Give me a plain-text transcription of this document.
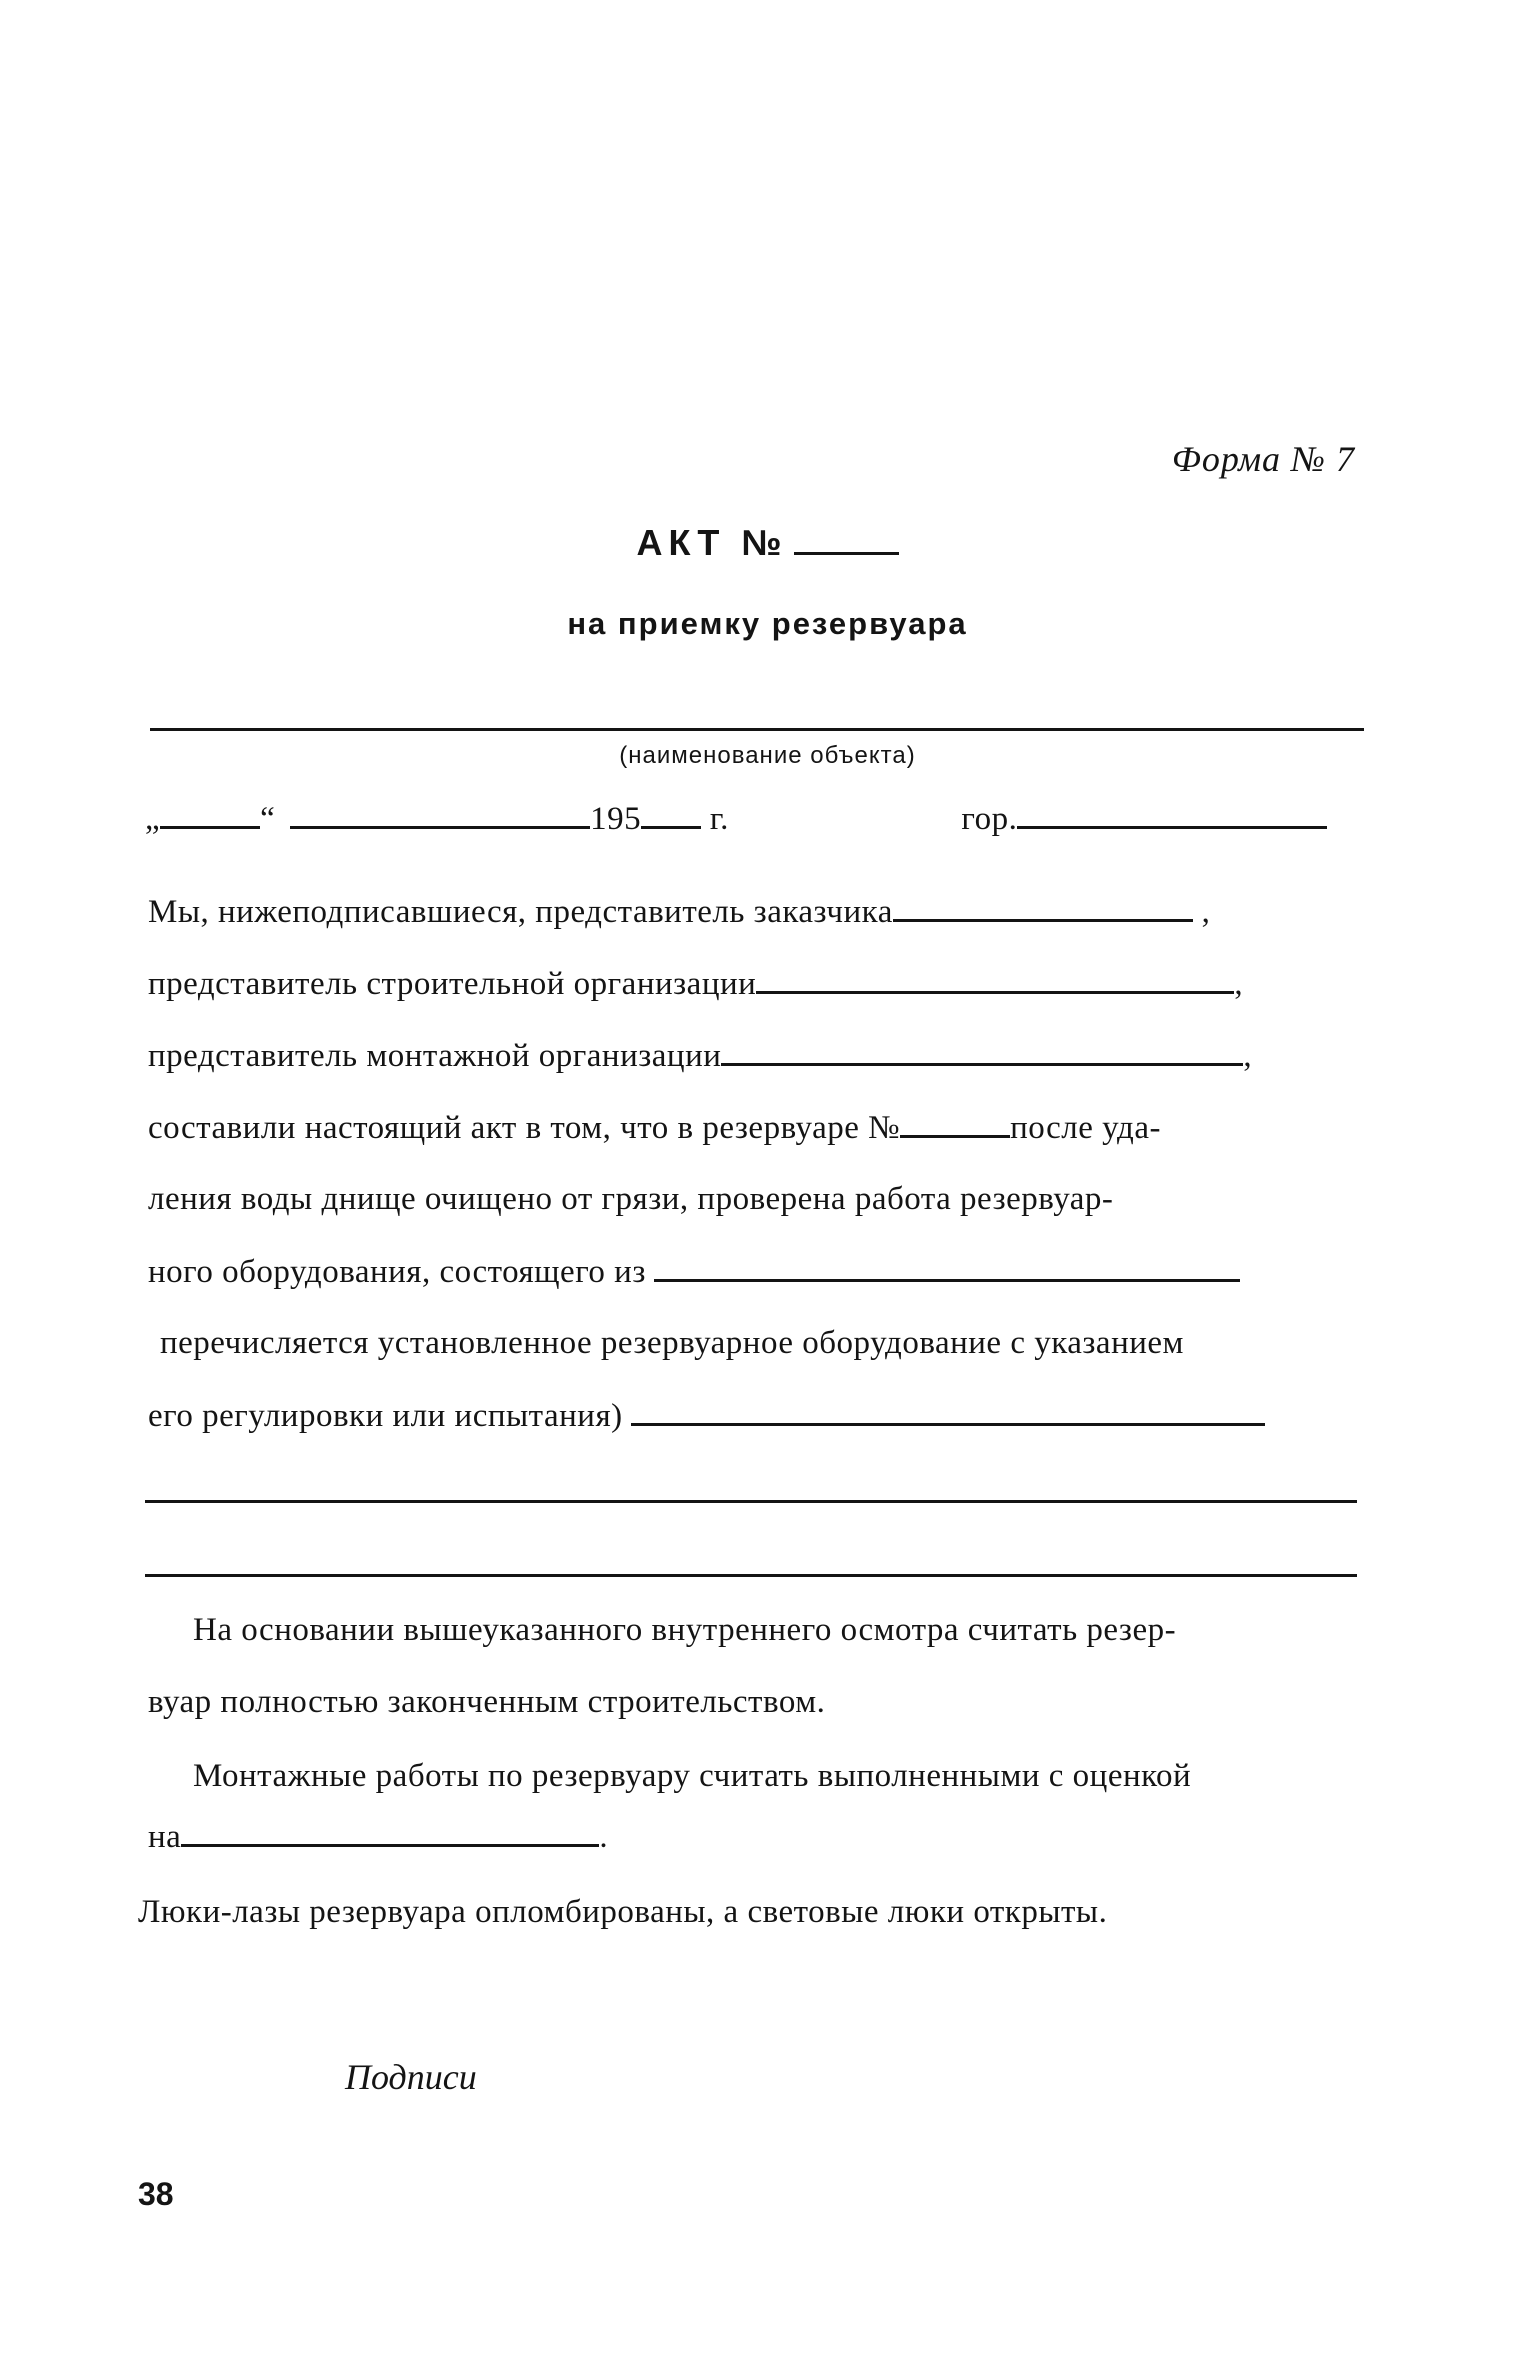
Форма № 7
АКТ №
на приемку резервуара
(наименование объекта)
„	“	195 г.	гор.
Мы, нижеподписавшиеся, представитель заказчика	,
представитель строительной организации	,
представитель монтажной организации	,
составили настоящий акт в том, что в резервуаре №	после уда-
ления воды днище очищено от грязи, проверена работа резервуар-
ного оборудования, состоящего из
перечисляется установленное резервуарное оборудование с указанием
его регулировки или испытания)
На основании вышеуказанного внутреннего осмотра считать резер-
вуар полностью законченным строительством.
Монтажные работы по резервуару считать выполненными с оценкой
на	.
Люки-лазы резервуара опломбированы, а световые люки открыты.
Подписи
38
